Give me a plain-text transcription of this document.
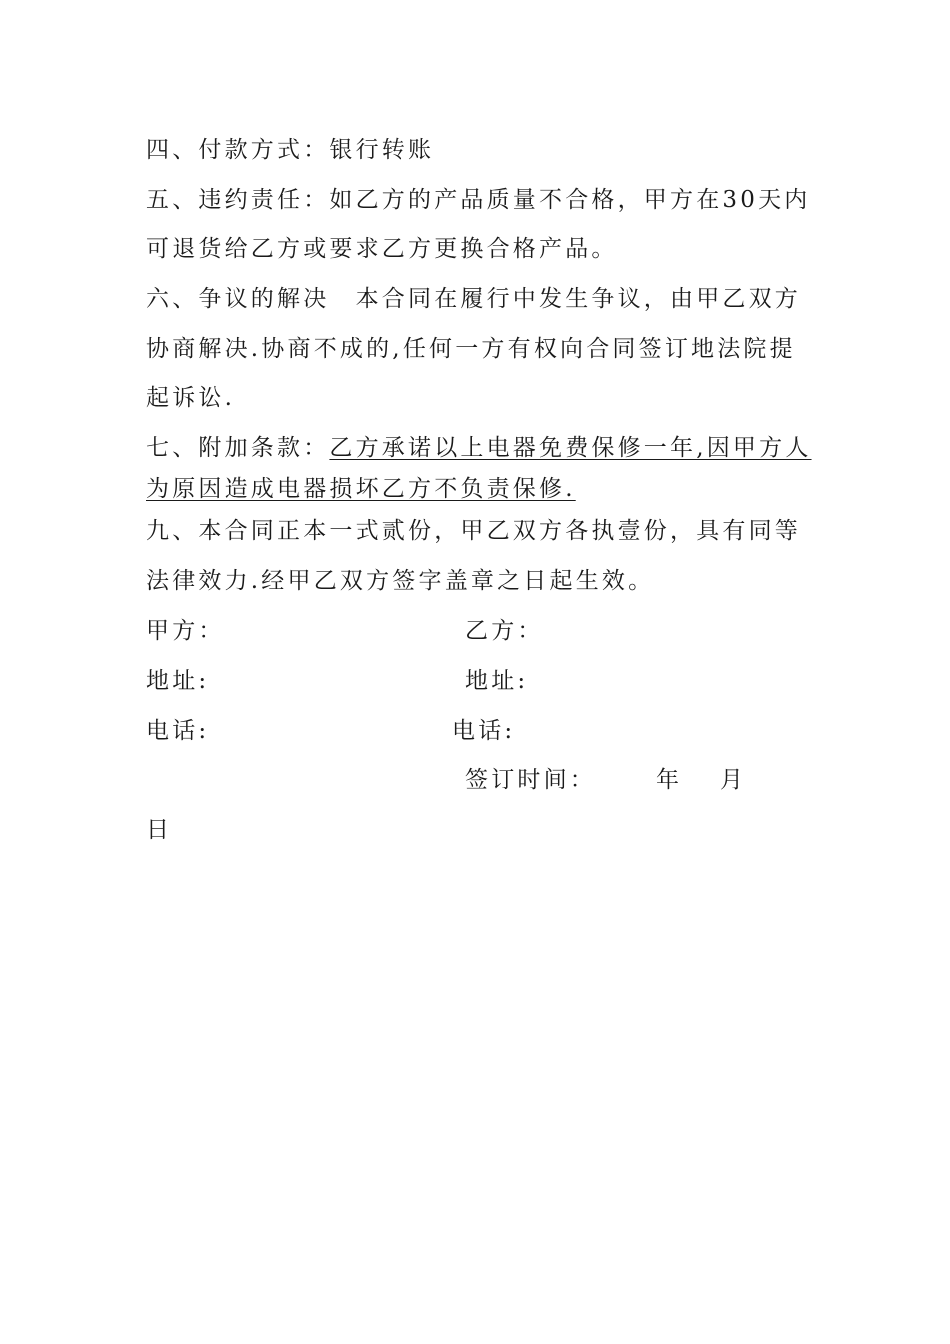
四、付款方式：银行转账
五、违约责任：如乙方的产品质量不合格，甲方在30天内
可退货给乙方或要求乙方更换合格产品。
六、争议的解决　本合同在履行中发生争议，由甲乙双方
协商解决.协商不成的,任何一方有权向合同签订地法院提
起诉讼.
七、附加条款：乙方承诺以上电器免费保修一年,因甲方人
为原因造成电器损坏乙方不负责保修.
九、本合同正本一式贰份，甲乙双方各执壹份，具有同等
法律效力.经甲乙双方签字盖章之日起生效。
甲方：	乙方：
地址:	地址:
电话:	电话:
签订时间：	年 月
日
